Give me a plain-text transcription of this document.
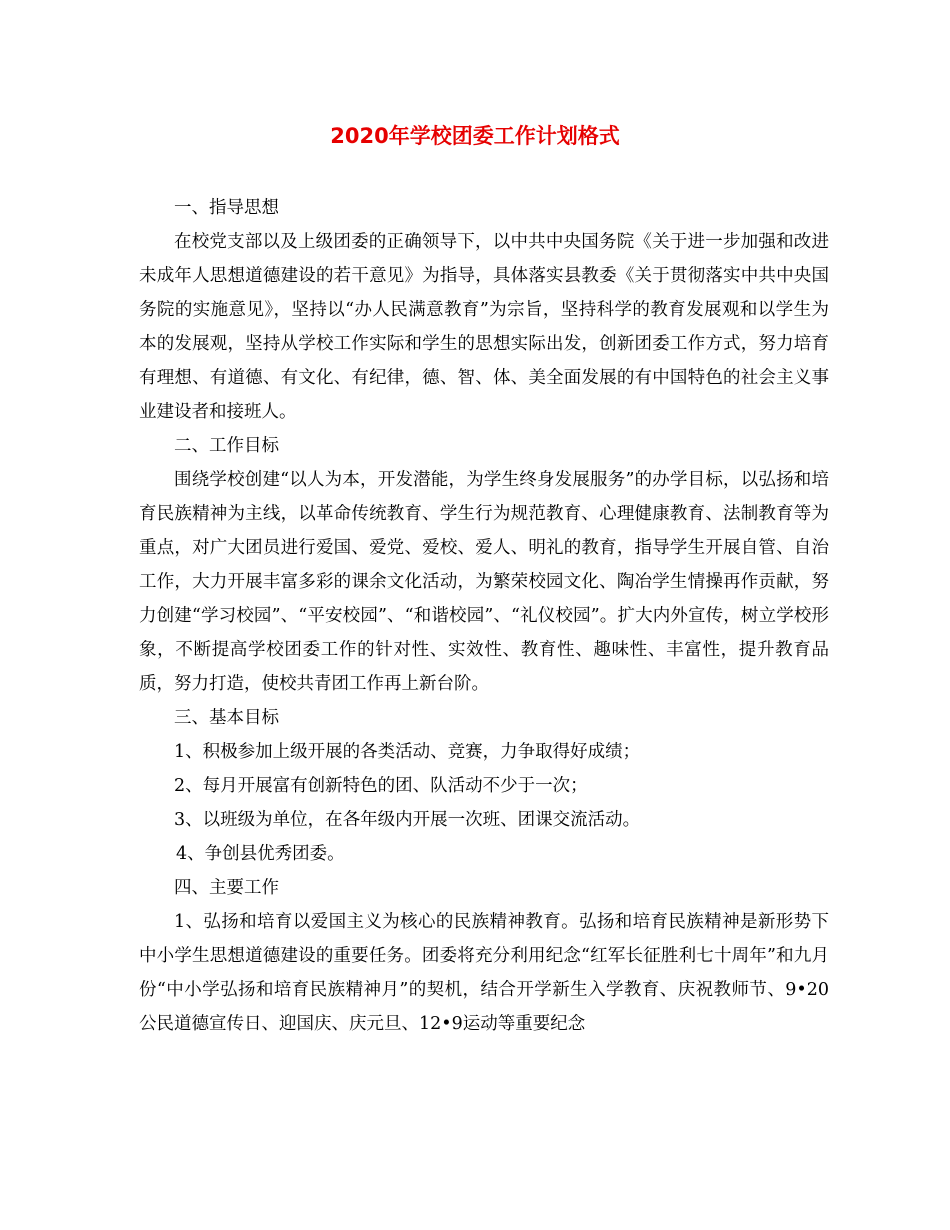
2020年学校团委工作计划格式

一、指导思想

在校党支部以及上级团委的正确领导下，以中共中央国务院《关于进一步加强和改进未成年人思想道德建设的若干意见》为指导，具体落实县教委《关于贯彻落实中共中央国务院的实施意见》，坚持以“办人民满意教育”为宗旨，坚持科学的教育发展观和以学生为本的发展观，坚持从学校工作实际和学生的思想实际出发，创新团委工作方式，努力培育有理想、有道德、有文化、有纪律，德、智、体、美全面发展的有中国特色的社会主义事业建设者和接班人。

二、工作目标

围绕学校创建“以人为本，开发潜能，为学生终身发展服务”的办学目标，以弘扬和培育民族精神为主线，以革命传统教育、学生行为规范教育、心理健康教育、法制教育等为重点，对广大团员进行爱国、爱党、爱校、爱人、明礼的教育，指导学生开展自管、自治工作，大力开展丰富多彩的课余文化活动，为繁荣校园文化、陶冶学生情操再作贡献，努力创建“学习校园”、“平安校园”、“和谐校园”、“礼仪校园”。扩大内外宣传，树立学校形象，不断提高学校团委工作的针对性、实效性、教育性、趣味性、丰富性，提升教育品质，努力打造，使校共青团工作再上新台阶。

三、基本目标

1、积极参加上级开展的各类活动、竞赛，力争取得好成绩；

2、每月开展富有创新特色的团、队活动不少于一次；

3、以班级为单位，在各年级内开展一次班、团课交流活动。

4、争创县优秀团委。

四、主要工作

1、弘扬和培育以爱国主义为核心的民族精神教育。弘扬和培育民族精神是新形势下中小学生思想道德建设的重要任务。团委将充分利用纪念“红军长征胜利七十周年”和九月份“中小学弘扬和培育民族精神月”的契机，结合开学新生入学教育、庆祝教师节、9•20公民道德宣传日、迎国庆、庆元旦、12•9运动等重要纪念
